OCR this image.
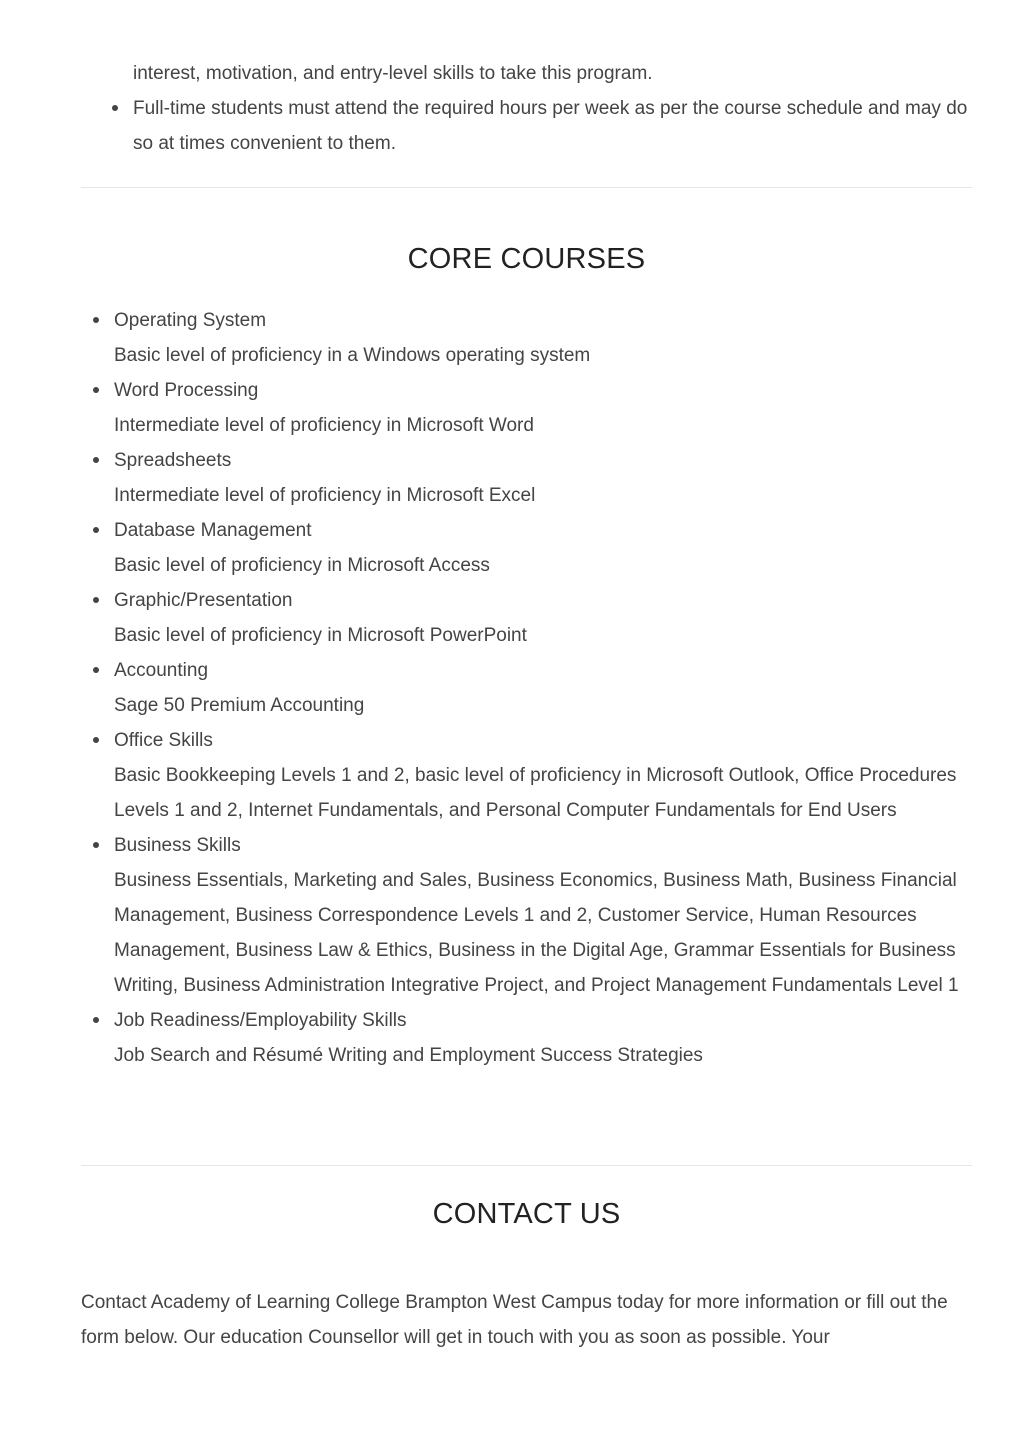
interest, motivation, and entry-level skills to take this program.
Full-time students must attend the required hours per week as per the course schedule and may do so at times convenient to them.
CORE COURSES
Operating System
Basic level of proficiency in a Windows operating system
Word Processing
Intermediate level of proficiency in Microsoft Word
Spreadsheets
Intermediate level of proficiency in Microsoft Excel
Database Management
Basic level of proficiency in Microsoft Access
Graphic/Presentation
Basic level of proficiency in Microsoft PowerPoint
Accounting
Sage 50 Premium Accounting
Office Skills
Basic Bookkeeping Levels 1 and 2, basic level of proficiency in Microsoft Outlook, Office Procedures Levels 1 and 2, Internet Fundamentals, and Personal Computer Fundamentals for End Users
Business Skills
Business Essentials, Marketing and Sales, Business Economics, Business Math, Business Financial Management, Business Correspondence Levels 1 and 2, Customer Service, Human Resources Management, Business Law & Ethics, Business in the Digital Age, Grammar Essentials for Business Writing, Business Administration Integrative Project, and Project Management Fundamentals Level 1
Job Readiness/Employability Skills
Job Search and Résumé Writing and Employment Success Strategies
CONTACT US

Contact Academy of Learning College Brampton West Campus today for more information or fill out the form below. Our education Counsellor will get in touch with you as soon as possible. Your
